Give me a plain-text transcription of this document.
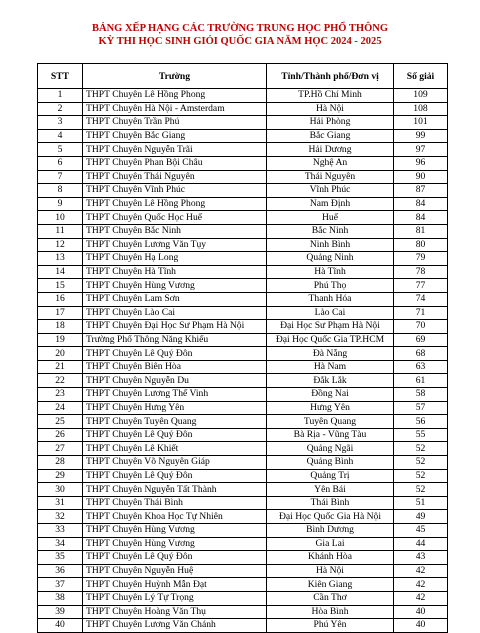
BẢNG XẾP HẠNG CÁC TRƯỜNG TRUNG HỌC PHỔ THÔNG
KỲ THI HỌC SINH GIỎI QUỐC GIA NĂM HỌC 2024 - 2025
STT	Trường	Tỉnh/Thành phố/Đơn vị	Số giải
1	THPT Chuyên Lê Hồng Phong	TP.Hồ Chí Minh	109
2	THPT Chuyên Hà Nội - Amsterdam	Hà Nội	108
3	THPT Chuyên Trần Phú	Hải Phòng	101
4	THPT Chuyên Bắc Giang	Bắc Giang	99
5	THPT Chuyên Nguyễn Trãi	Hải Dương	97
6	THPT Chuyên Phan Bội Châu	Nghệ An	96
7	THPT Chuyên Thái Nguyên	Thái Nguyên	90
8	THPT Chuyên Vĩnh Phúc	Vĩnh Phúc	87
9	THPT Chuyên Lê Hồng Phong	Nam Định	84
10	THPT Chuyên Quốc Học Huế	Huế	84
11	THPT Chuyên Bắc Ninh	Bắc Ninh	81
12	THPT Chuyên Lương Văn Tụy	Ninh Bình	80
13	THPT Chuyên Hạ Long	Quảng Ninh	79
14	THPT Chuyên Hà Tĩnh	Hà Tĩnh	78
15	THPT Chuyên Hùng Vương	Phú Thọ	77
16	THPT Chuyên Lam Sơn	Thanh Hóa	74
17	THPT Chuyên Lào Cai	Lào Cai	71
18	THPT Chuyên Đại Học Sư Phạm Hà Nội	Đại Học Sư Phạm Hà Nội	70
19	Trường Phổ Thông Năng Khiếu	Đại Học Quốc Gia TP.HCM	69
20	THPT Chuyên Lê Quý Đôn	Đà Nẵng	68
21	THPT Chuyên Biên Hòa	Hà Nam	63
22	THPT Chuyên Nguyễn Du	Đắk Lắk	61
23	THPT Chuyên Lương Thế Vinh	Đồng Nai	58
24	THPT Chuyên Hưng Yên	Hưng Yên	57
25	THPT Chuyên Tuyên Quang	Tuyên Quang	56
26	THPT Chuyên Lê Quý Đôn	Bà Rịa - Vũng Tàu	55
27	THPT Chuyên Lê Khiết	Quảng Ngãi	52
28	THPT Chuyên Võ Nguyên Giáp	Quảng Bình	52
29	THPT Chuyên Lê Quý Đôn	Quảng Trị	52
30	THPT Chuyên Nguyễn Tất Thành	Yên Bái	52
31	THPT Chuyên Thái Bình	Thái Bình	51
32	THPT Chuyên Khoa Học Tự Nhiên	Đại Học Quốc Gia Hà Nội	49
33	THPT Chuyên Hùng Vương	Bình Dương	45
34	THPT Chuyên Hùng Vương	Gia Lai	44
35	THPT Chuyên Lê Quý Đôn	Khánh Hòa	43
36	THPT Chuyên Nguyễn Huệ	Hà Nội	42
37	THPT Chuyên Huỳnh Mẫn Đạt	Kiên Giang	42
38	THPT Chuyên Lý Tự Trọng	Cần Thơ	42
39	THPT Chuyên Hoàng Văn Thụ	Hòa Bình	40
40	THPT Chuyên Lương Văn Chánh	Phú Yên	40
